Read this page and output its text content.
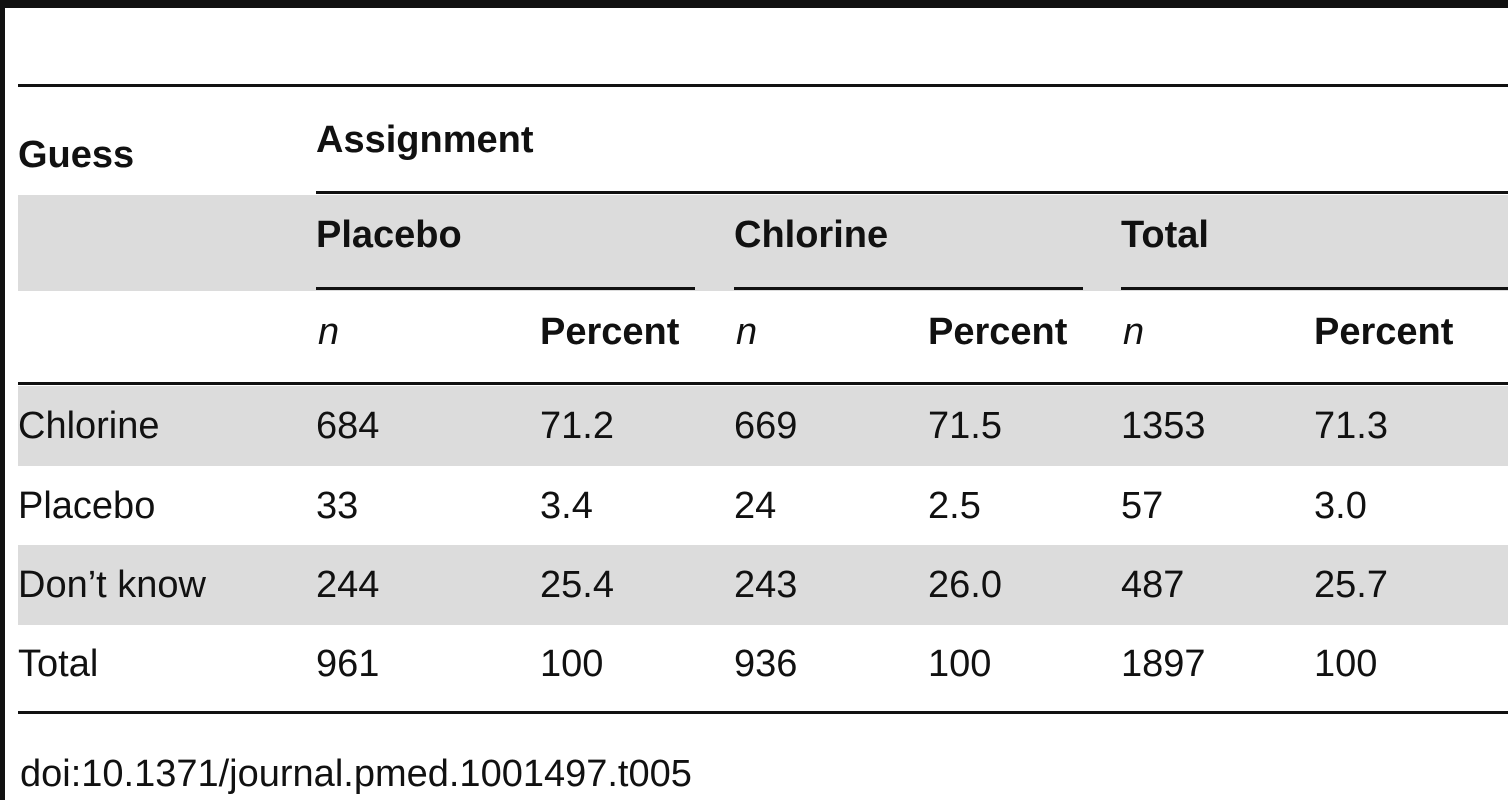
Guess	Assignment
Placebo	Chlorine	Total
n	Percent n	Percent n	Percent
Chlorine	684	71.2	669	71.5	1353	71.3
Placebo	33	3.4	24	2.5	57	3.0
Don’t know	244	25.4	243	26.0	487	25.7
Total	961	100	936	100	1897	100
doi:10.1371/journal.pmed.1001497.t005
